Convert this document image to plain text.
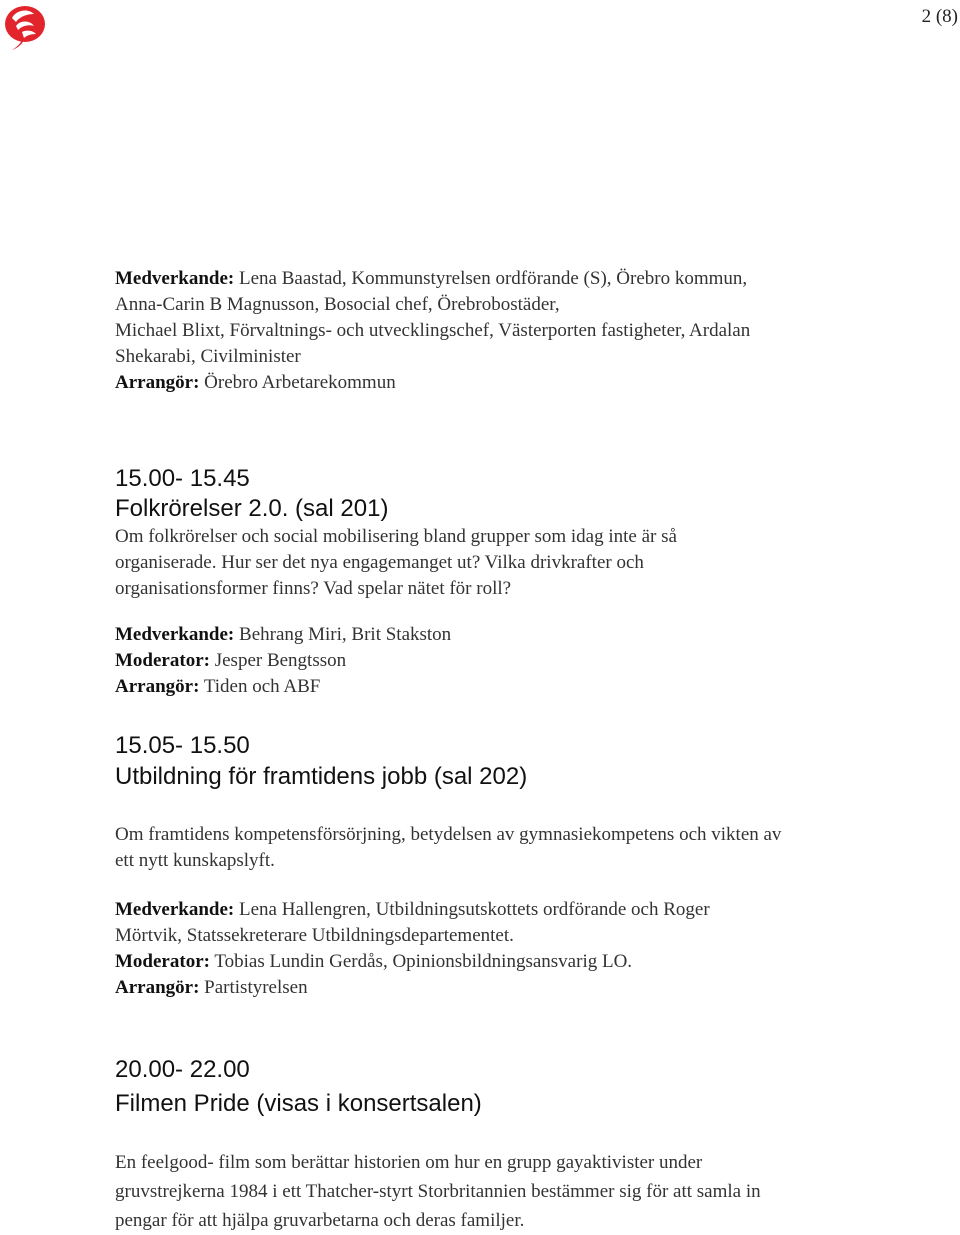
2 (8)

Medverkande: Lena Baastad, Kommunstyrelsen ordförande (S), Örebro kommun,

Anna-Carin B Magnusson, Bosocial chef, Örebrobostäder,

Michael Blixt, Förvaltnings- och utvecklingschef, Västerporten fastigheter, Ardalan

Shekarabi, Civilminister

Arrangör: Örebro Arbetarekommun

15.00- 15.45
Folkrörelser 2.0. (sal 201)

Om folkrörelser och social mobilisering bland grupper som idag inte är så

organiserade. Hur ser det nya engagemanget ut? Vilka drivkrafter och

organisationsformer finns? Vad spelar nätet för roll?

Medverkande: Behrang Miri, Brit Stakston

Moderator: Jesper Bengtsson

Arrangör: Tiden och ABF

15.05- 15.50
Utbildning för framtidens jobb (sal 202)

Om framtidens kompetensförsörjning, betydelsen av gymnasiekompetens och vikten av

ett nytt kunskapslyft.

Medverkande: Lena Hallengren, Utbildningsutskottets ordförande och Roger

Mörtvik, Statssekreterare Utbildningsdepartementet.

Moderator: Tobias Lundin Gerdås, Opinionsbildningsansvarig LO.

Arrangör: Partistyrelsen

20.00- 22.00
Filmen Pride (visas i konsertsalen)

En feelgood- film som berättar historien om hur en grupp gayaktivister under

gruvstrejkerna 1984 i ett Thatcher-styrt Storbritannien bestämmer sig för att samla in

pengar för att hjälpa gruvarbetarna och deras familjer.
